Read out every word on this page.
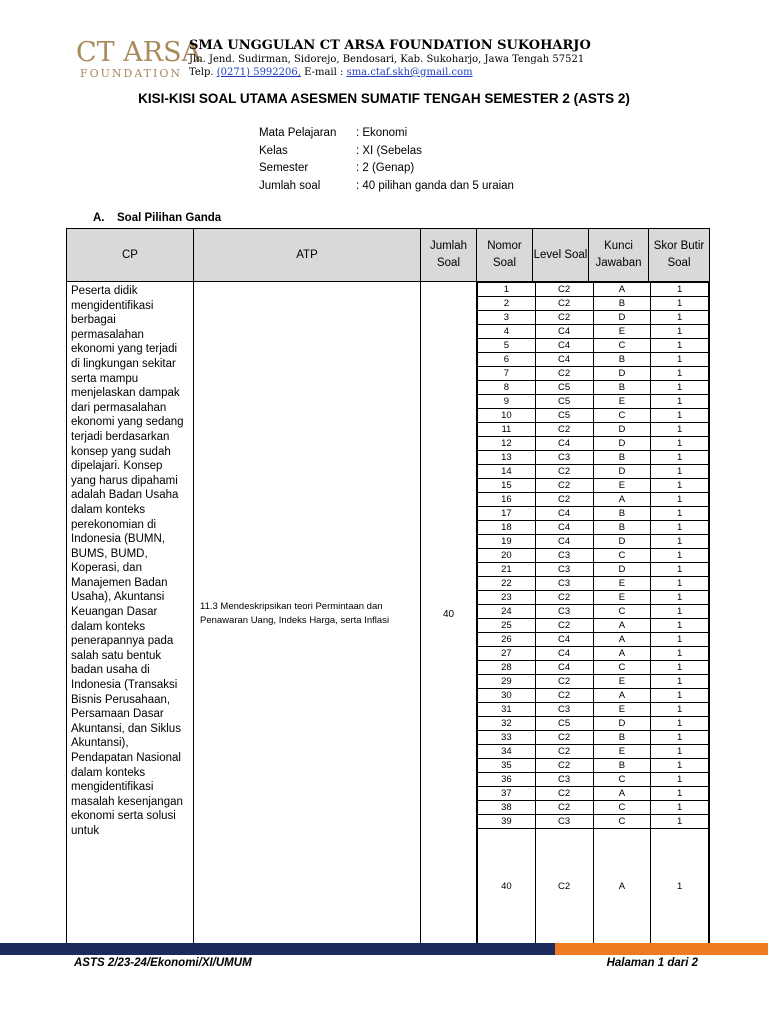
CT ARSA
FOUNDATION
SMA UNGGULAN CT ARSA FOUNDATION SUKOHARJO
Jln. Jend. Sudirman, Sidorejo, Bendosari, Kab. Sukoharjo, Jawa Tengah 57521
Telp. (0271) 5992206, E-mail : sma.ctaf.skh@gmail.com
KISI-KISI SOAL UTAMA ASESMEN SUMATIF TENGAH SEMESTER 2 (ASTS 2)
Mata Pelajaran	: Ekonomi
Kelas	: XI (Sebelas
Semester	: 2 (Genap)
Jumlah soal	: 40 pilihan ganda dan 5 uraian
A. Soal Pilihan Ganda
CP	ATP	Jumlah Soal	Nomor Soal	Level Soal	Kunci Jawaban	Skor Butir Soal
Peserta didik mengidentifikasi berbagai permasalahan ekonomi yang terjadi di lingkungan sekitar serta mampu menjelaskan dampak dari permasalahan ekonomi yang sedang terjadi berdasarkan konsep yang sudah dipelajari. Konsep yang harus dipahami adalah Badan Usaha dalam konteks perekonomian di Indonesia (BUMN, BUMS, BUMD, Koperasi, dan Manajemen Badan Usaha), Akuntansi Keuangan Dasar dalam konteks penerapannya pada salah satu bentuk badan usaha di Indonesia (Transaksi Bisnis Perusahaan, Persamaan Dasar Akuntansi, dan Siklus Akuntansi), Pendapatan Nasional dalam konteks mengidentifikasi masalah kesenjangan ekonomi serta solusi untuk	11.3 Mendeskripsikan teori Permintaan dan Penawaran Uang, Indeks Harga, serta Inflasi	40	
1	C2	A	1
2	C2	B	1
3	C2	D	1
4	C4	E	1
5	C4	C	1
6	C4	B	1
7	C2	D	1
8	C5	B	1
9	C5	E	1
10	C5	C	1
11	C2	D	1
12	C4	D	1
13	C3	B	1
14	C2	D	1
15	C2	E	1
16	C2	A	1
17	C4	B	1
18	C4	B	1
19	C4	D	1
20	C3	C	1
21	C3	D	1
22	C3	E	1
23	C2	E	1
24	C3	C	1
25	C2	A	1
26	C4	A	1
27	C4	A	1
28	C4	C	1
29	C2	E	1
30	C2	A	1
31	C3	E	1
32	C5	D	1
33	C2	B	1
34	C2	E	1
35	C2	B	1
36	C3	C	1
37	C2	A	1
38	C2	C	1
39	C3	C	1
40	C2	A	1
ASTS 2/23-24/Ekonomi/XI/UMUM	Halaman 1 dari 2
